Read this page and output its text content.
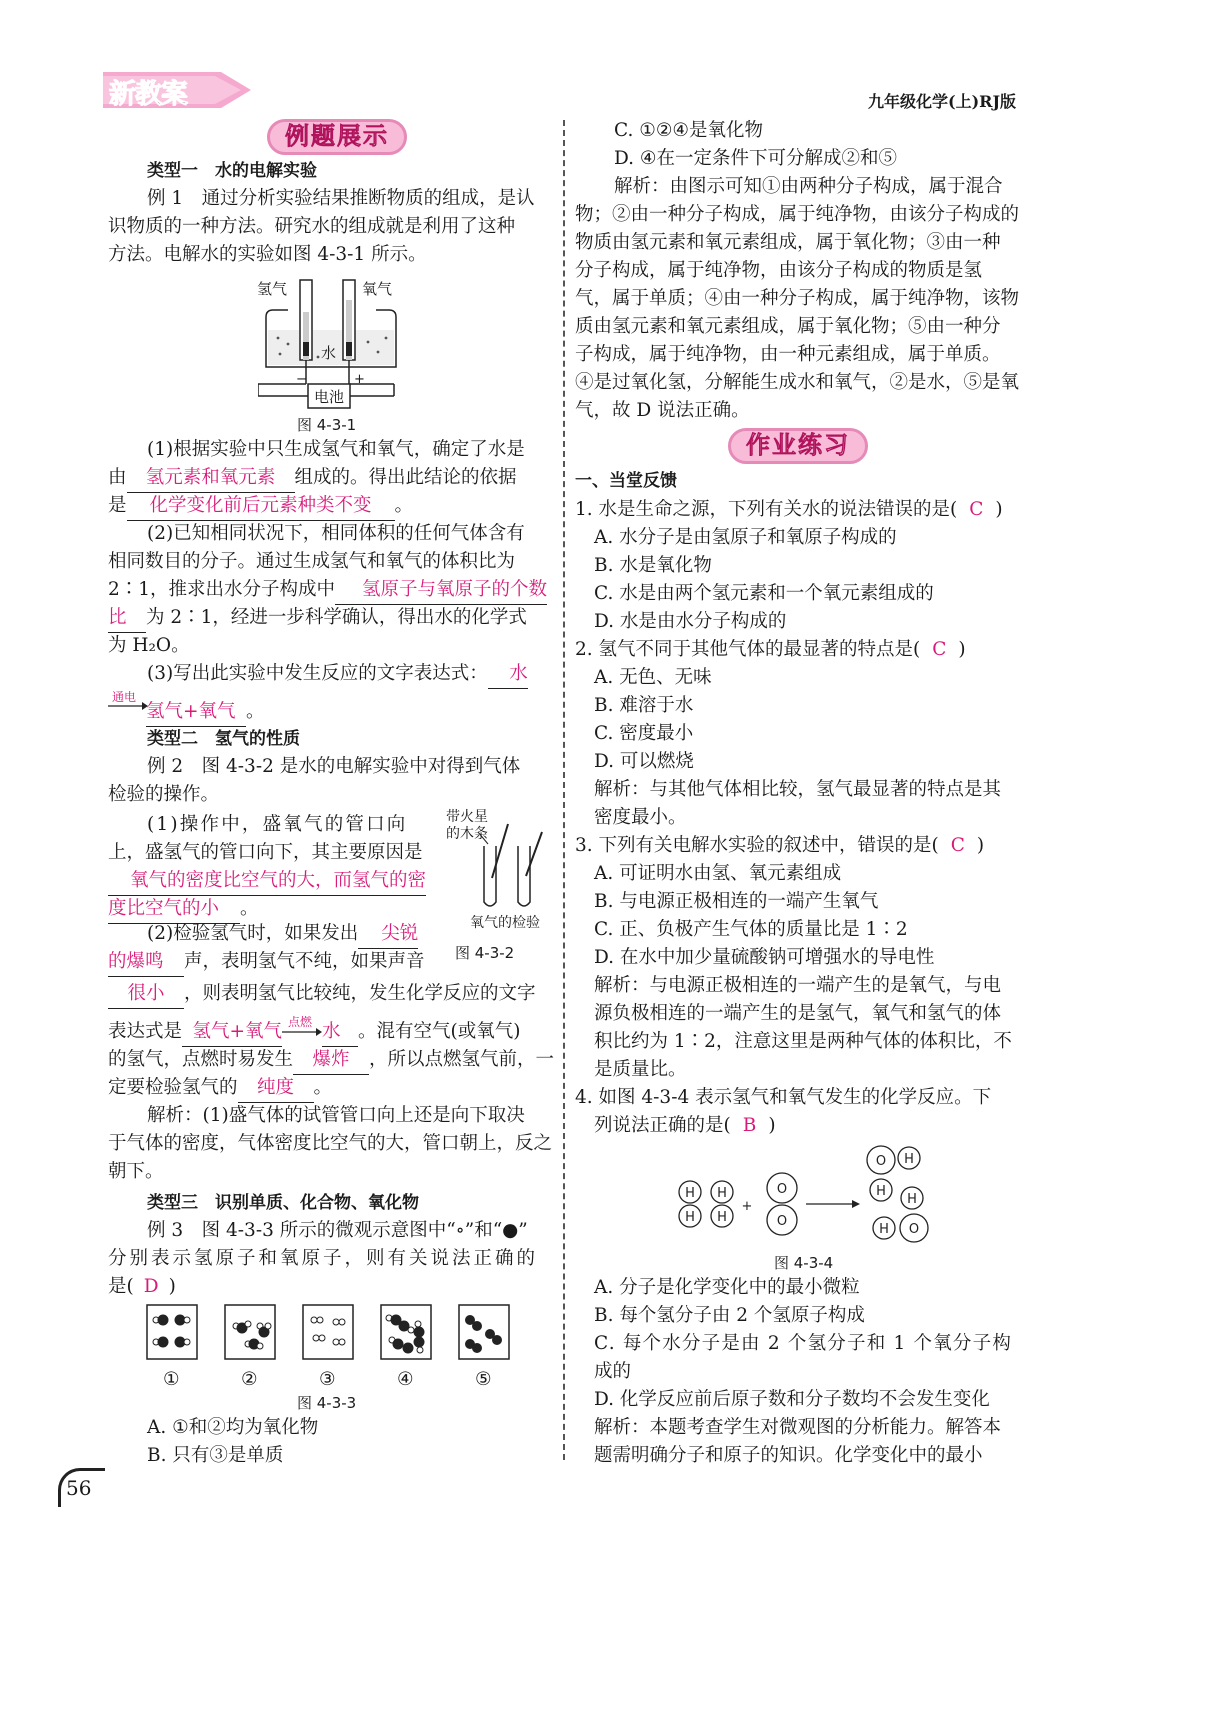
新教案	九年级化学(上)RJ版
56
例题展示
类型一　水的电解实验
例 1　通过分析实验结果推断物质的组成，是认
识物质的一种方法。研究水的组成就是利用了这种
方法。电解水的实验如图 4-3-1 所示。
氢气	氧气
水
电池
−	+
图 4-3-1
(1)根据实验中只生成氢气和氧气，确定了水是
由 氢元素和氧元素 组成的。得出此结论的依据
是 化学变化前后元素种类不变 。
(2)已知相同状况下，相同体积的任何气体含有
相同数目的分子。通过生成氢气和氧气的体积比为
2∶1，推求出水分子构成中 氢原子与氧原子的个数
比 为 2∶1，经进一步科学确认，得出水的化学式
为 H₂O。
(3)写出此实验中发生反应的文字表达式： 水
通电
氢气+氧气 。
类型二　氢气的性质
例 2　图 4-3-2 是水的电解实验中对得到气体
检验的操作。
(1)操作中，盛氧气的管口向
上，盛氢气的管口向下，其主要原因是
氧气的密度比空气的大，而氢气的密
度比空气的小 。
带火星
的木条
氧气的检验
图 4-3-2
(2)检验氢气时，如果发出 尖锐
的爆鸣 声，表明氢气不纯，如果声音
很小 ，则表明氢气比较纯，发生化学反应的文字
表达式是 氢气+氧气 点燃 水 。混有空气(或氧气)
的氢气，点燃时易发生 爆炸 ，所以点燃氢气前，一
定要检验氢气的 纯度 。
解析：(1)盛气体的试管管口向上还是向下取决
于气体的密度，气体密度比空气的大，管口朝上，反之
朝下。
类型三　识别单质、化合物、氧化物
例 3　图 4-3-3 所示的微观示意图中“∘”和“●”
分别表示氢原子和氧原子，则有关说法正确的
是( D )
①	②	③	④	⑤
图 4-3-3
A. ①和②均为氧化物
B. 只有③是单质
C. ①②④是氧化物
D. ④在一定条件下可分解成②和⑤
解析：由图示可知①由两种分子构成，属于混合
物；②由一种分子构成，属于纯净物，由该分子构成的
物质由氢元素和氧元素组成，属于氧化物；③由一种
分子构成，属于纯净物，由该分子构成的物质是氢
气，属于单质；④由一种分子构成，属于纯净物，该物
质由氢元素和氧元素组成，属于氧化物；⑤由一种分
子构成，属于纯净物，由一种元素组成，属于单质。
④是过氧化氢，分解能生成水和氧气，②是水，⑤是氧
气，故 D 说法正确。
作业练习
一、当堂反馈
1. 水是生命之源，下列有关水的说法错误的是( C )
A. 水分子是由氢原子和氧原子构成的
B. 水是氧化物
C. 水是由两个氢元素和一个氧元素组成的
D. 水是由水分子构成的
2. 氢气不同于其他气体的最显著的特点是( C )
A. 无色、无味
B. 难溶于水
C. 密度最小
D. 可以燃烧
解析：与其他气体相比较，氢气最显著的特点是其
密度最小。
3. 下列有关电解水实验的叙述中，错误的是( C )
A. 可证明水由氢、氧元素组成
B. 与电源正极相连的一端产生氧气
C. 正、负极产生气体的质量比是 1∶2
D. 在水中加少量硫酸钠可增强水的导电性
解析：与电源正极相连的一端产生的是氧气，与电
源负极相连的一端产生的是氢气，氧气和氢气的体
积比约为 1∶2，注意这里是两种气体的体积比，不
是质量比。
4. 如图 4-3-4 表示氢气和氧气发生的化学反应。下
列说法正确的是( B )
H
H
H
H
O
O
O H
H
H
H O
+
图 4-3-4
A. 分子是化学变化中的最小微粒
B. 每个氢分子由 2 个氢原子构成
C. 每个水分子是由 2 个氢分子和 1 个氧分子构
成的
D. 化学反应前后原子数和分子数均不会发生变化
解析：本题考查学生对微观图的分析能力。解答本
题需明确分子和原子的知识。化学变化中的最小
